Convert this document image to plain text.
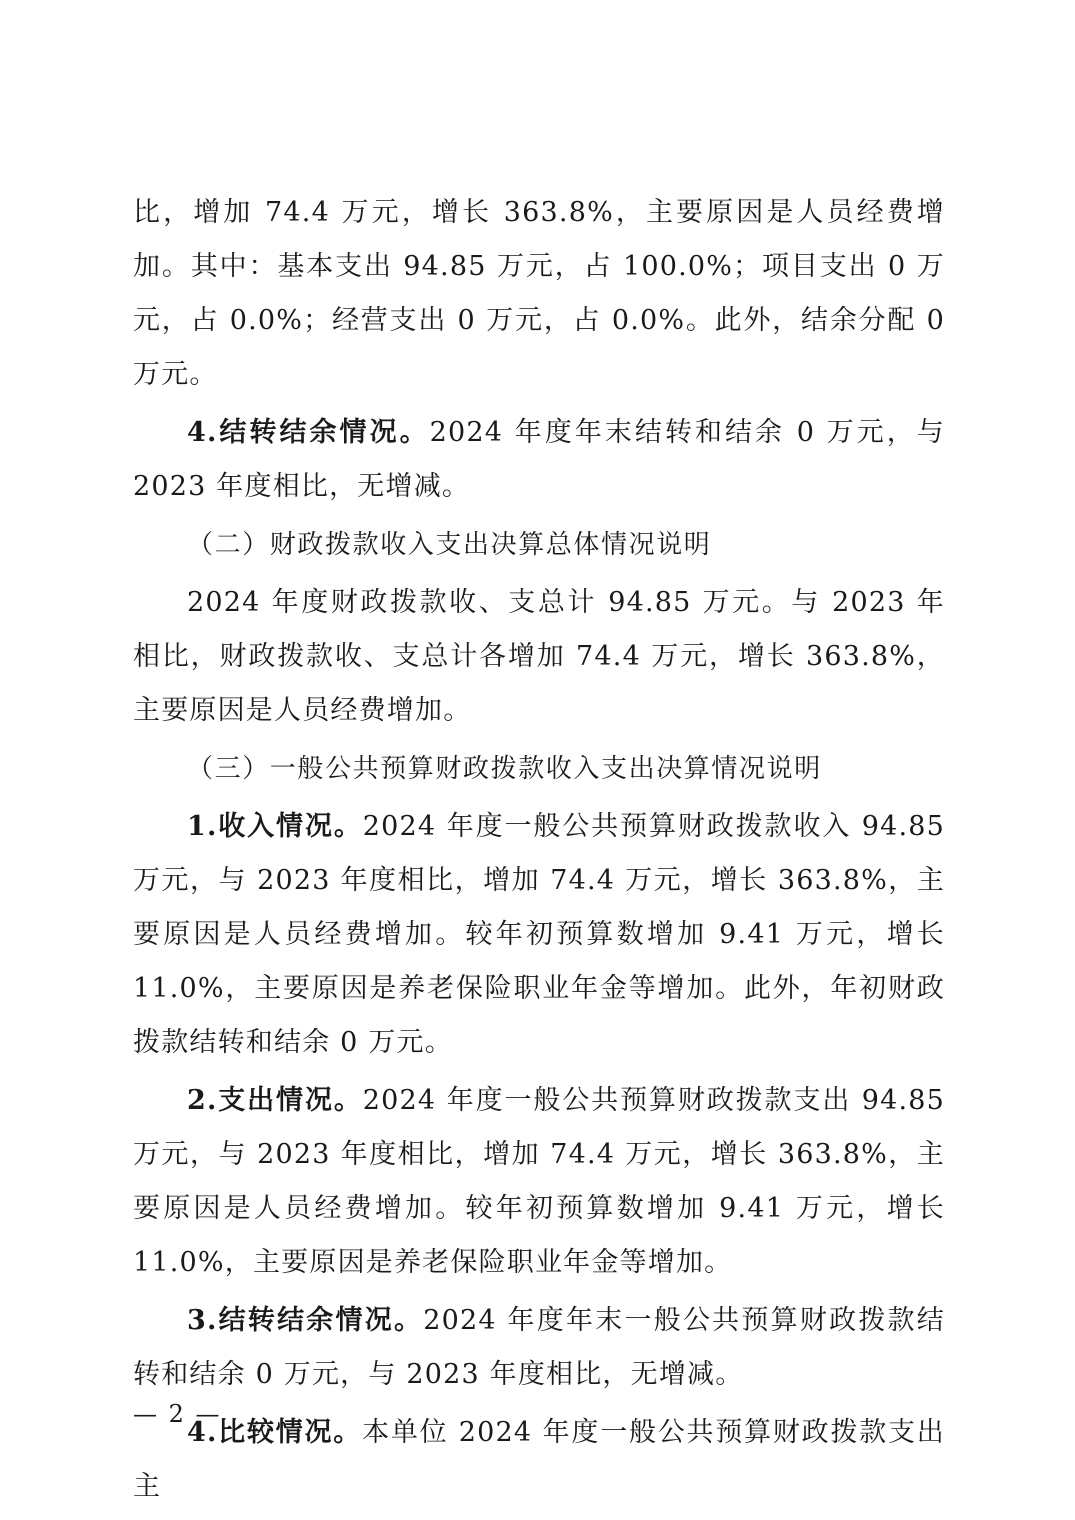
比，增加 74.4 万元，增长 363.8%，主要原因是人员经费增加。其中：基本支出 94.85 万元，占 100.0%；项目支出 0 万元，占 0.0%；经营支出 0 万元，占 0.0%。此外，结余分配 0 万元。

4.结转结余情况。2024 年度年末结转和结余 0 万元，与 2023 年度相比，无增减。

（二）财政拨款收入支出决算总体情况说明

2024 年度财政拨款收、支总计 94.85 万元。与 2023 年相比，财政拨款收、支总计各增加 74.4 万元，增长 363.8%，主要原因是人员经费增加。

（三）一般公共预算财政拨款收入支出决算情况说明

1.收入情况。2024 年度一般公共预算财政拨款收入 94.85 万元，与 2023 年度相比，增加 74.4 万元，增长 363.8%，主要原因是人员经费增加。较年初预算数增加 9.41 万元，增长 11.0%，主要原因是养老保险职业年金等增加。此外，年初财政拨款结转和结余 0 万元。

2.支出情况。2024 年度一般公共预算财政拨款支出 94.85 万元，与 2023 年度相比，增加 74.4 万元，增长 363.8%，主要原因是人员经费增加。较年初预算数增加 9.41 万元，增长 11.0%，主要原因是养老保险职业年金等增加。

3.结转结余情况。2024 年度年末一般公共预算财政拨款结转和结余 0 万元，与 2023 年度相比，无增减。

4.比较情况。本单位 2024 年度一般公共预算财政拨款支出主

— 2 —
